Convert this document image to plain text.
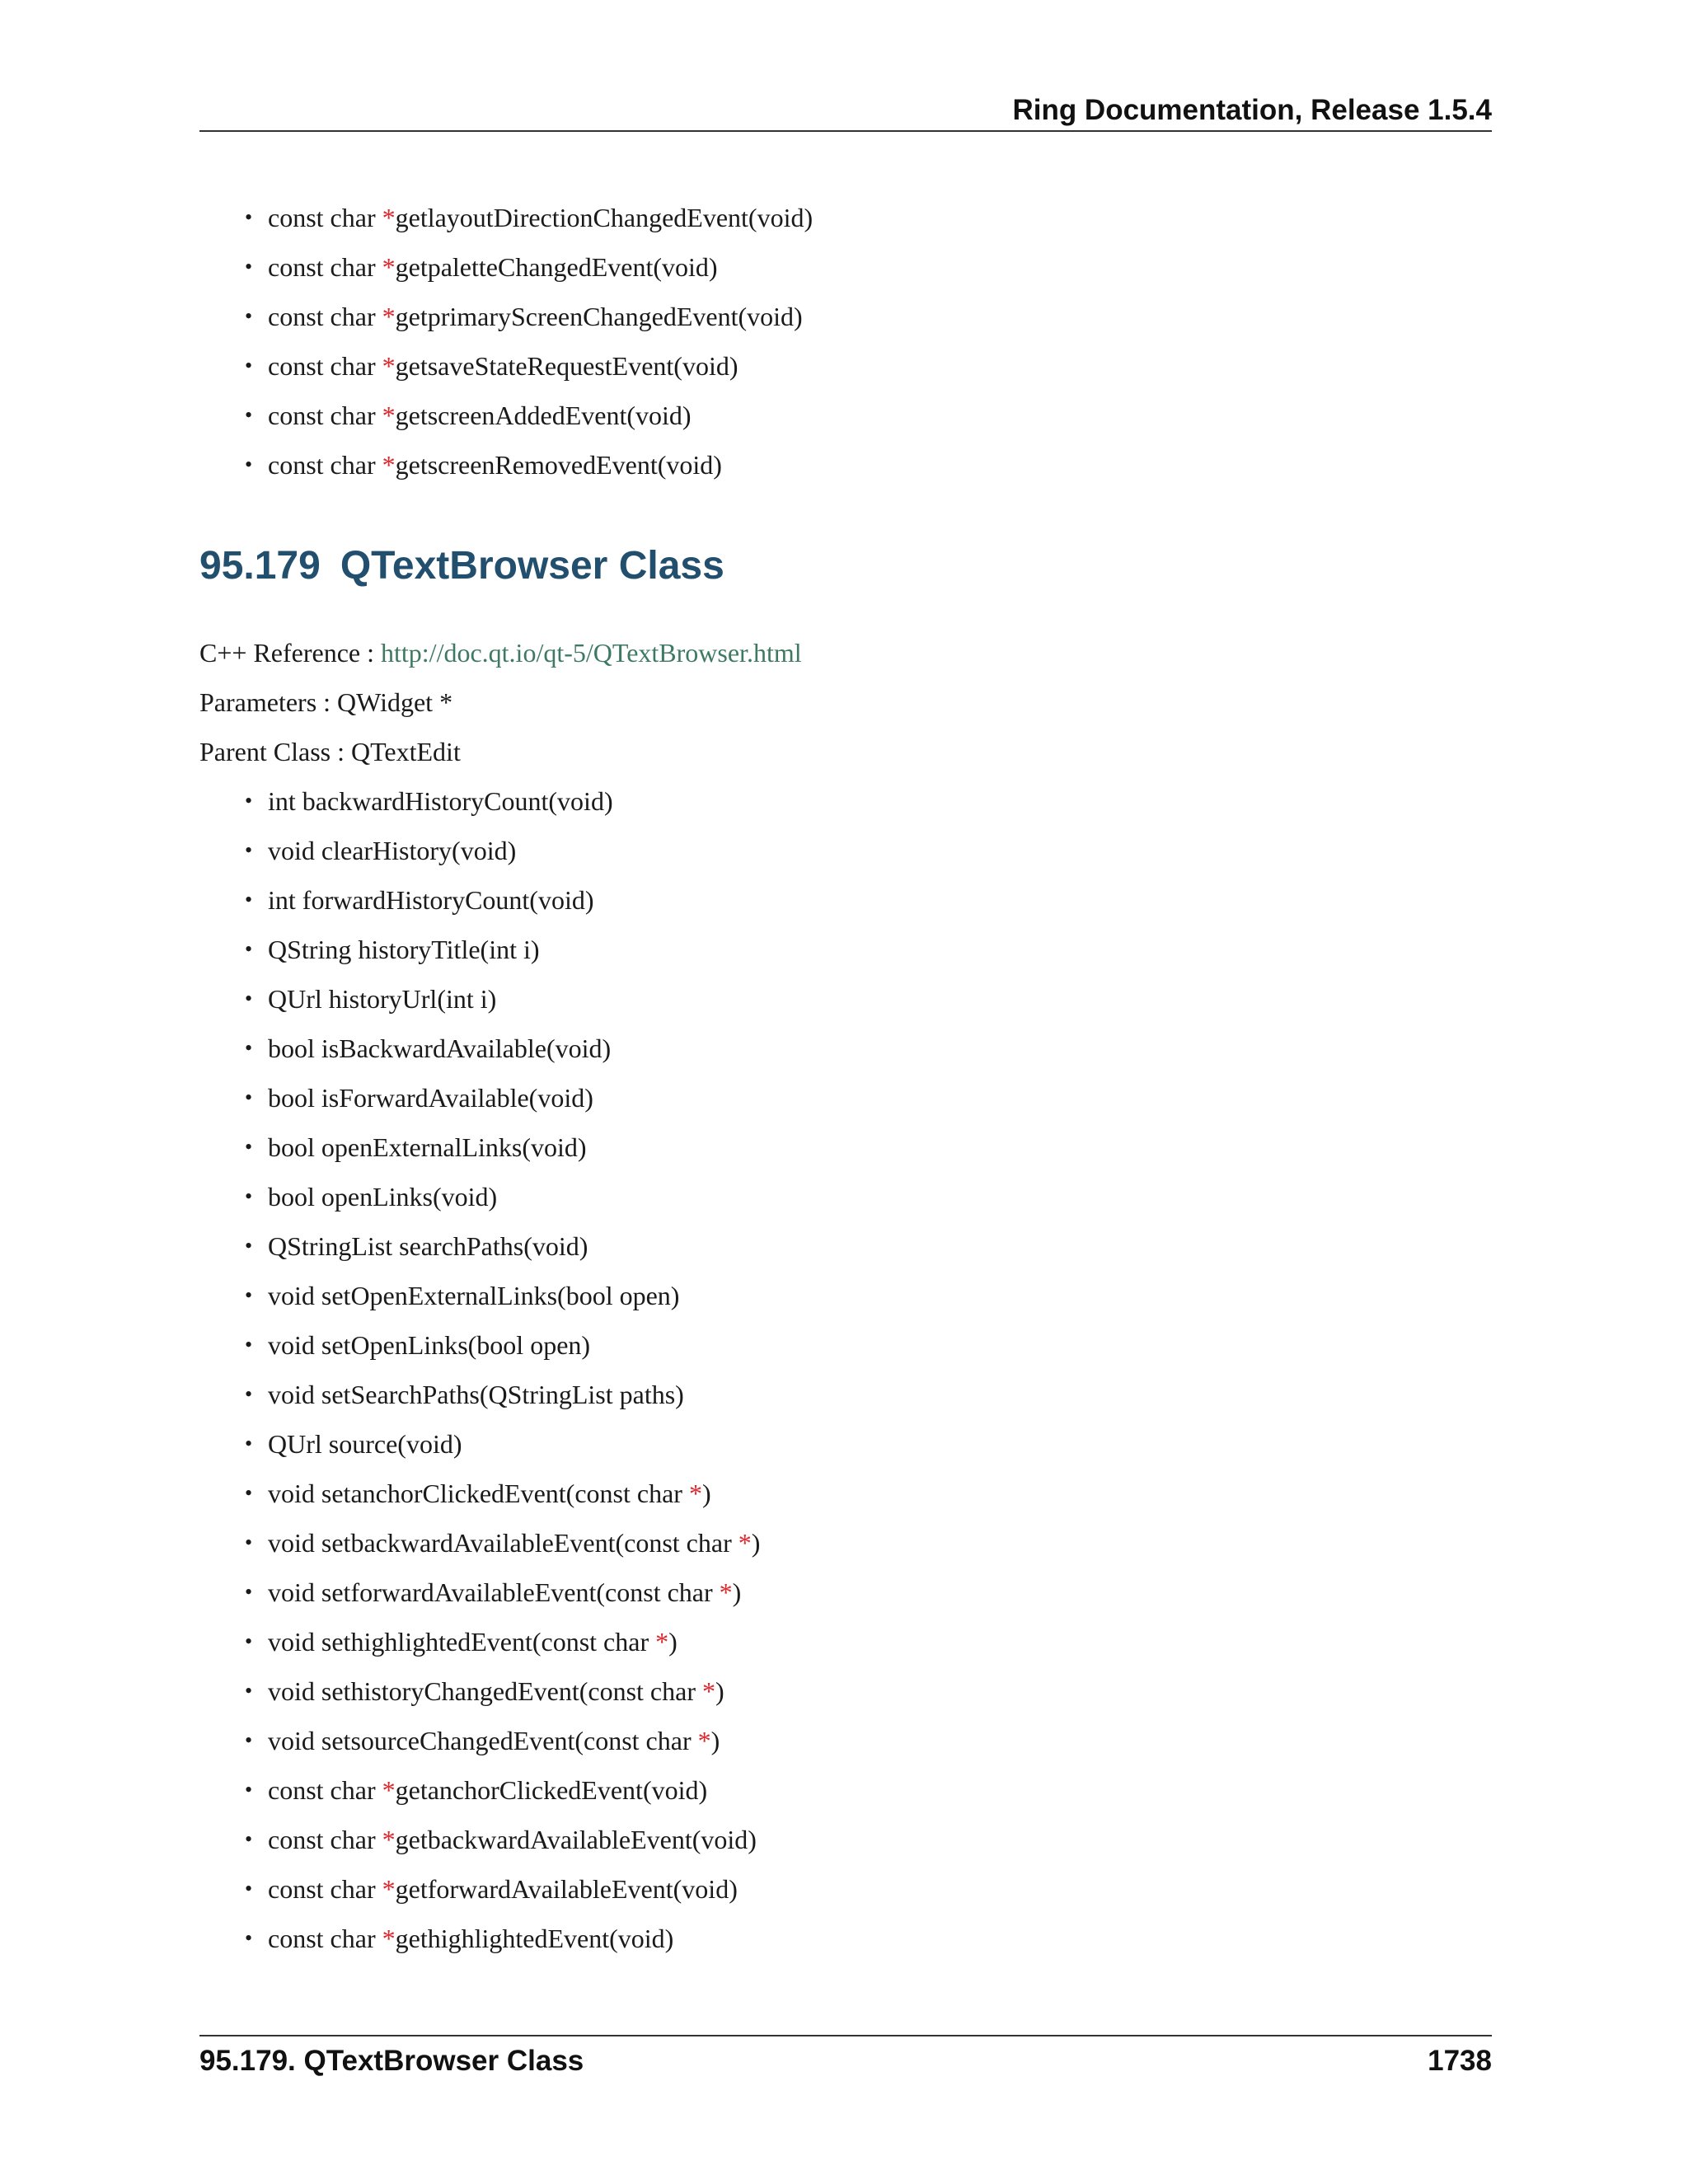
Ring Documentation, Release 1.5.4
• const char *getlayoutDirectionChangedEvent(void)
• const char *getpaletteChangedEvent(void)
• const char *getprimaryScreenChangedEvent(void)
• const char *getsaveStateRequestEvent(void)
• const char *getscreenAddedEvent(void)
• const char *getscreenRemovedEvent(void)
95.179 QTextBrowser Class
C++ Reference : http://doc.qt.io/qt-5/QTextBrowser.html
Parameters : QWidget *
Parent Class : QTextEdit
• int backwardHistoryCount(void)
• void clearHistory(void)
• int forwardHistoryCount(void)
• QString historyTitle(int i)
• QUrl historyUrl(int i)
• bool isBackwardAvailable(void)
• bool isForwardAvailable(void)
• bool openExternalLinks(void)
• bool openLinks(void)
• QStringList searchPaths(void)
• void setOpenExternalLinks(bool open)
• void setOpenLinks(bool open)
• void setSearchPaths(QStringList paths)
• QUrl source(void)
• void setanchorClickedEvent(const char *)
• void setbackwardAvailableEvent(const char *)
• void setforwardAvailableEvent(const char *)
• void sethighlightedEvent(const char *)
• void sethistoryChangedEvent(const char *)
• void setsourceChangedEvent(const char *)
• const char *getanchorClickedEvent(void)
• const char *getbackwardAvailableEvent(void)
• const char *getforwardAvailableEvent(void)
• const char *gethighlightedEvent(void)
95.179. QTextBrowser Class	1738
